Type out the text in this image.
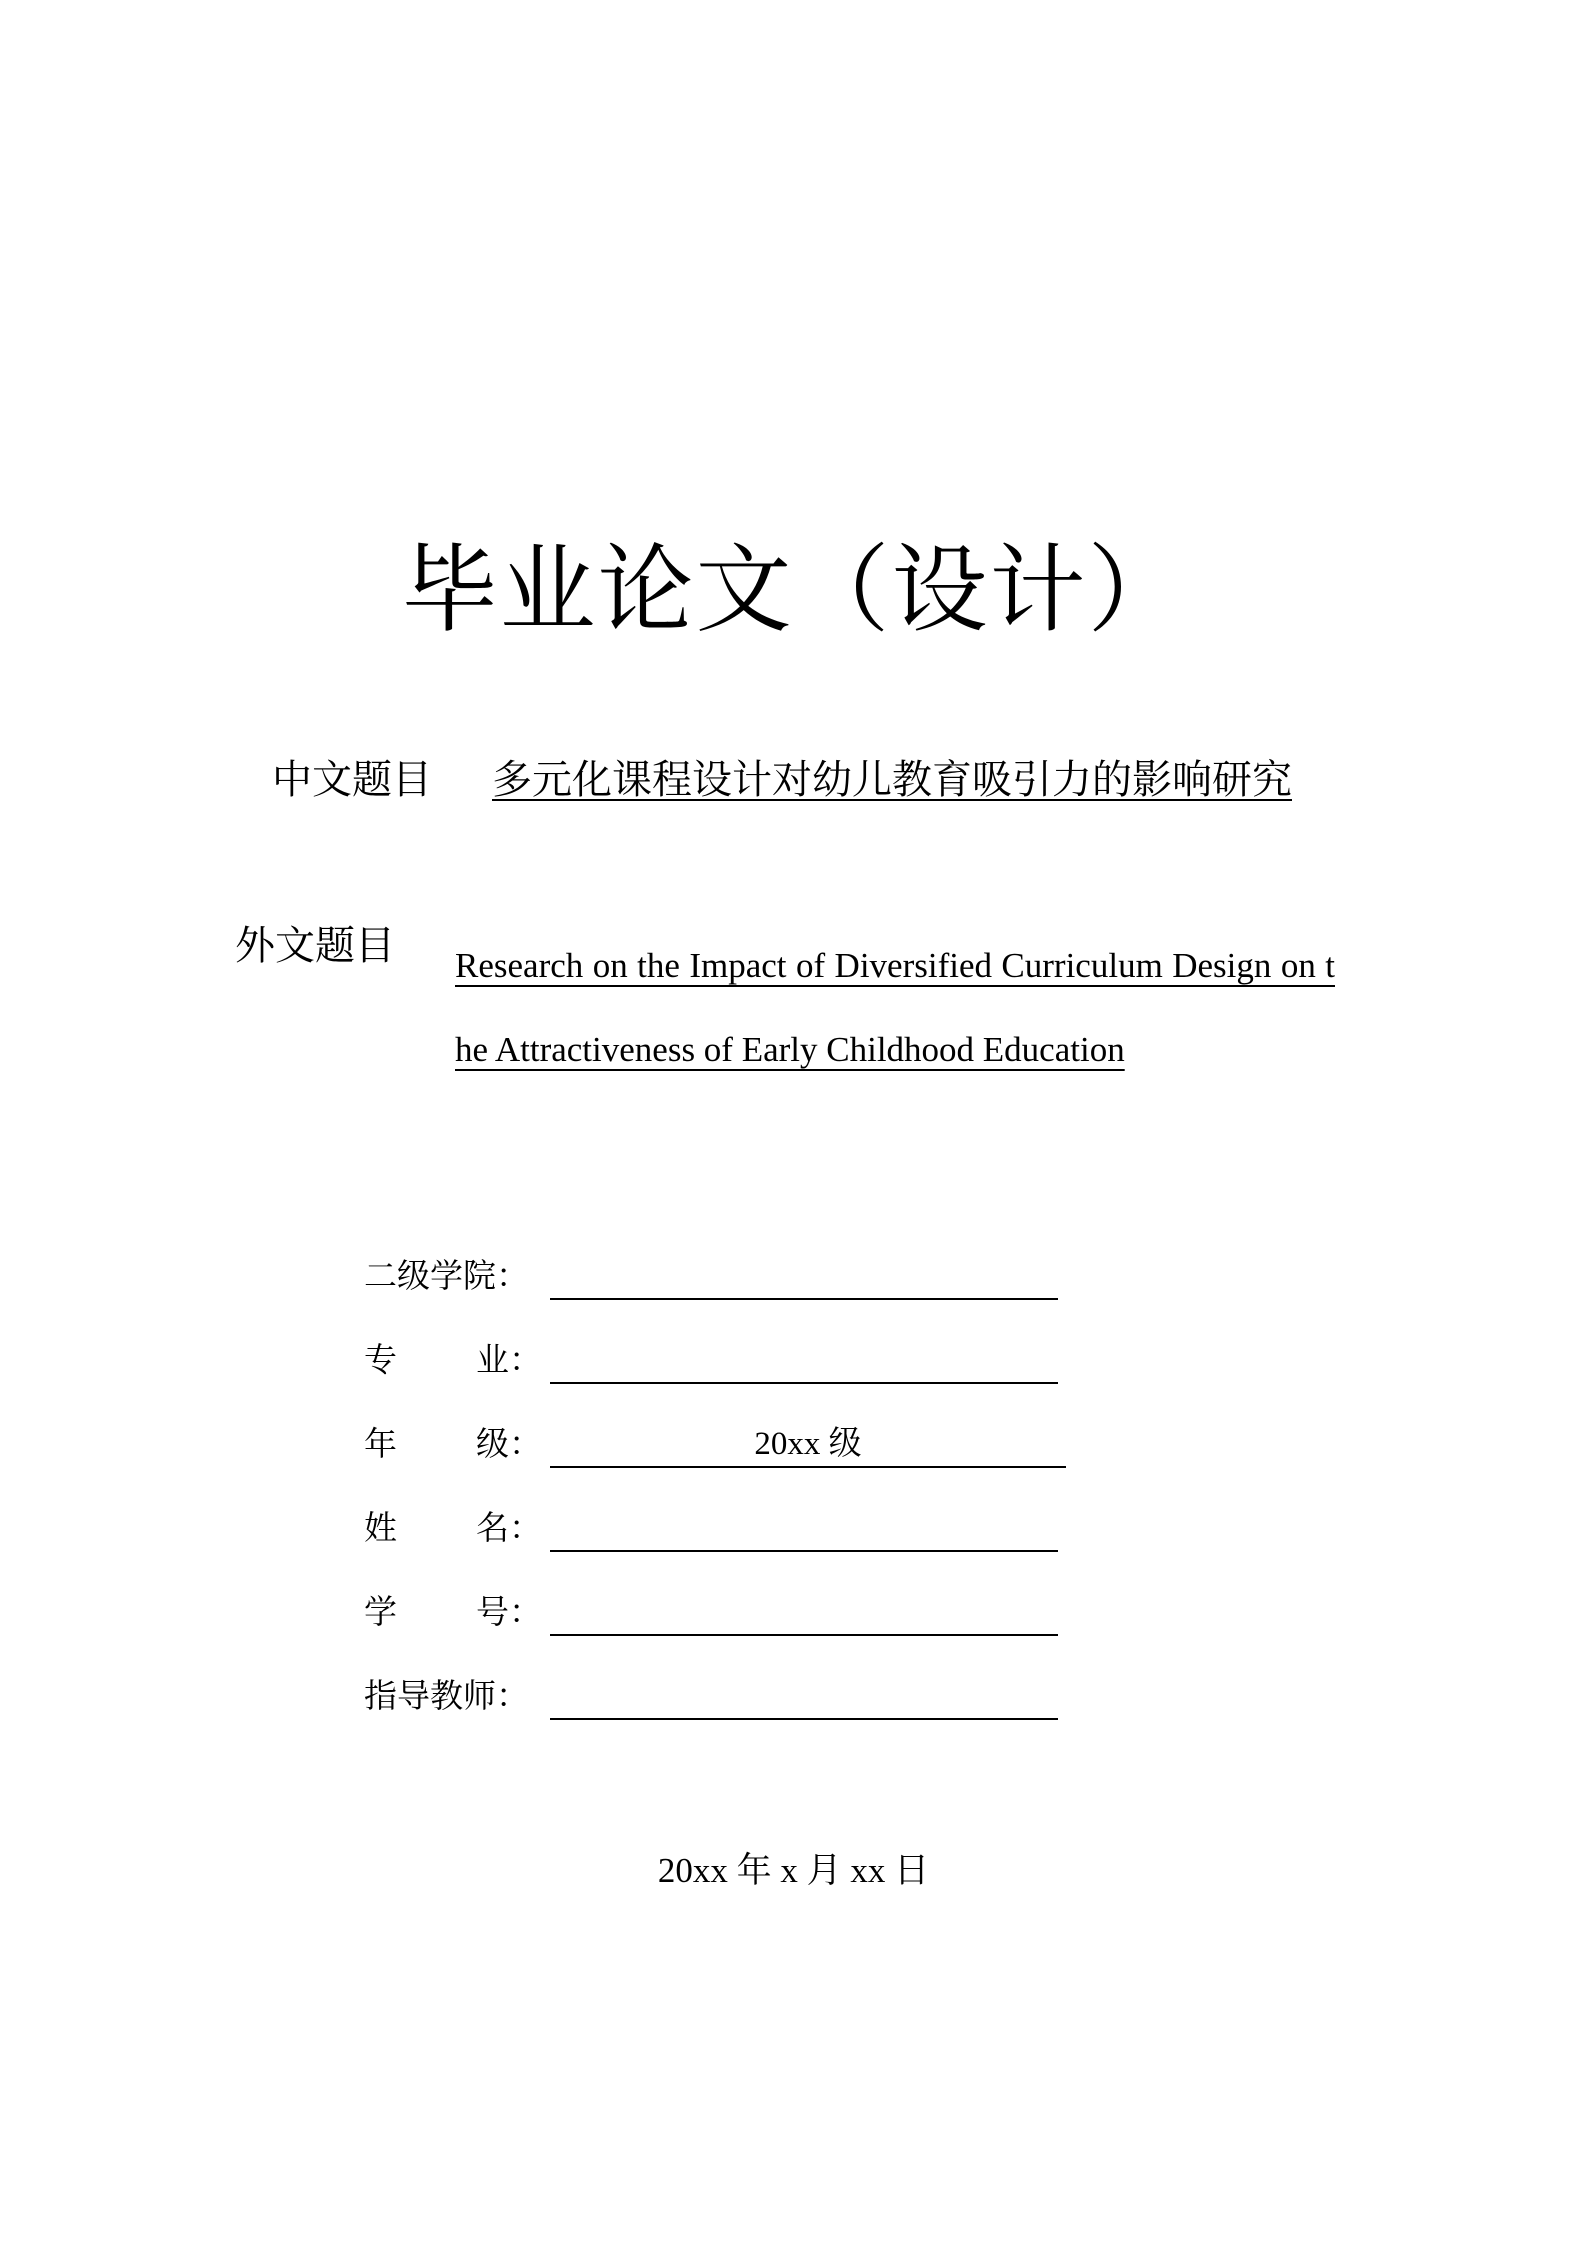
毕业论文（设计）
中文题目	多元化课程设计对幼儿教育吸引力的影响研究
外文题目 Research on the Impact of Diversified Curriculum Design on the Attractiveness of Early Childhood Education
二级学院：
专 业：
年 级：	20xx 级
姓 名：
学 号：
指导教师：
20xx 年 x 月 xx 日
